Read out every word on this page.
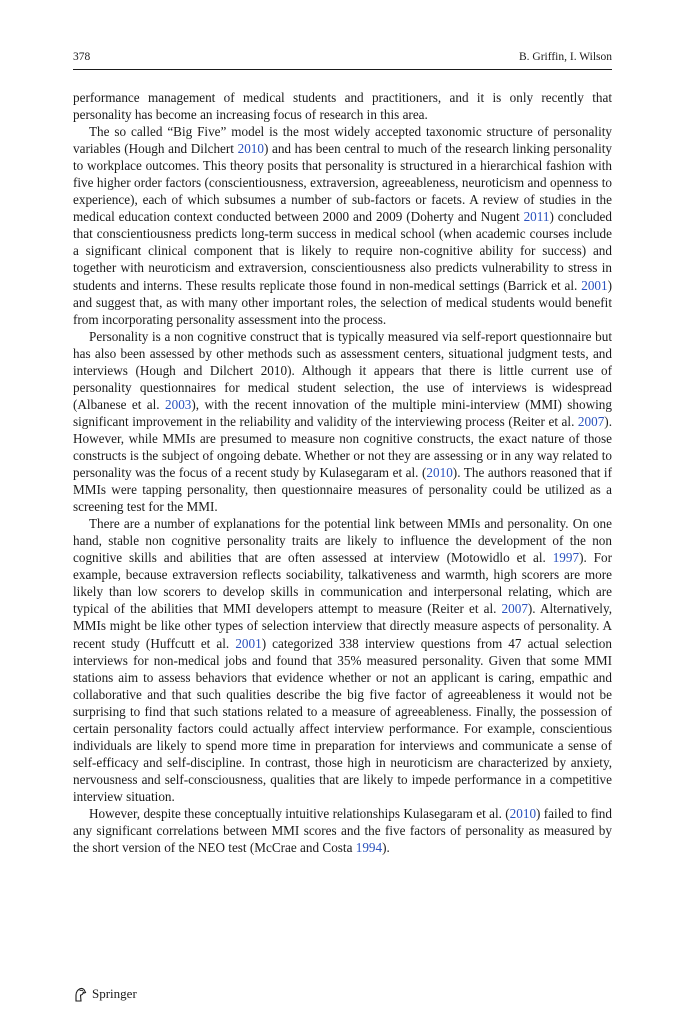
378	B. Griffin, I. Wilson

performance management of medical students and practitioners, and it is only recently that personality has become an increasing focus of research in this area.

The so called “Big Five” model is the most widely accepted taxonomic structure of personality variables (Hough and Dilchert 2010) and has been central to much of the research linking personality to workplace outcomes. This theory posits that personality is structured in a hierarchical fashion with five higher order factors (conscientiousness, extraversion, agreeableness, neuroticism and openness to experience), each of which subsumes a number of sub-factors or facets. A review of studies in the medical education context conducted between 2000 and 2009 (Doherty and Nugent 2011) concluded that conscientiousness predicts long-term success in medical school (when academic courses include a significant clinical component that is likely to require non-cognitive ability for success) and together with neuroticism and extraversion, conscientiousness also predicts vulnerability to stress in students and interns. These results replicate those found in non-medical settings (Barrick et al. 2001) and suggest that, as with many other important roles, the selection of medical students would benefit from incorporating personality assessment into the process.

Personality is a non cognitive construct that is typically measured via self-report questionnaire but has also been assessed by other methods such as assessment centers, situational judgment tests, and interviews (Hough and Dilchert 2010). Although it appears that there is little current use of personality questionnaires for medical student selection, the use of interviews is widespread (Albanese et al. 2003), with the recent innovation of the multiple mini-interview (MMI) showing significant improvement in the reliability and validity of the interviewing process (Reiter et al. 2007). However, while MMIs are presumed to measure non cognitive constructs, the exact nature of those constructs is the subject of ongoing debate. Whether or not they are assessing or in any way related to personality was the focus of a recent study by Kulasegaram et al. (2010). The authors reasoned that if MMIs were tapping personality, then questionnaire measures of personality could be utilized as a screening test for the MMI.

There are a number of explanations for the potential link between MMIs and personality. On one hand, stable non cognitive personality traits are likely to influence the development of the non cognitive skills and abilities that are often assessed at interview (Motowidlo et al. 1997). For example, because extraversion reflects sociability, talkativeness and warmth, high scorers are more likely than low scorers to develop skills in communication and interpersonal relating, which are typical of the abilities that MMI developers attempt to measure (Reiter et al. 2007). Alternatively, MMIs might be like other types of selection interview that directly measure aspects of personality. A recent study (Huffcutt et al. 2001) categorized 338 interview questions from 47 actual selection interviews for non-medical jobs and found that 35% measured personality. Given that some MMI stations aim to assess behaviors that evidence whether or not an applicant is caring, empathic and collaborative and that such qualities describe the big five factor of agreeableness it would not be surprising to find that such stations related to a measure of agreeableness. Finally, the possession of certain personality factors could actually affect interview performance. For example, conscientious individuals are likely to spend more time in preparation for interviews and communicate a sense of self-efficacy and self-discipline. In contrast, those high in neuroticism are characterized by anxiety, nervousness and self-consciousness, qualities that are likely to impede performance in a competitive interview situation.

However, despite these conceptually intuitive relationships Kulasegaram et al. (2010) failed to find any significant correlations between MMI scores and the five factors of personality as measured by the short version of the NEO test (McCrae and Costa 1994).

Springer
